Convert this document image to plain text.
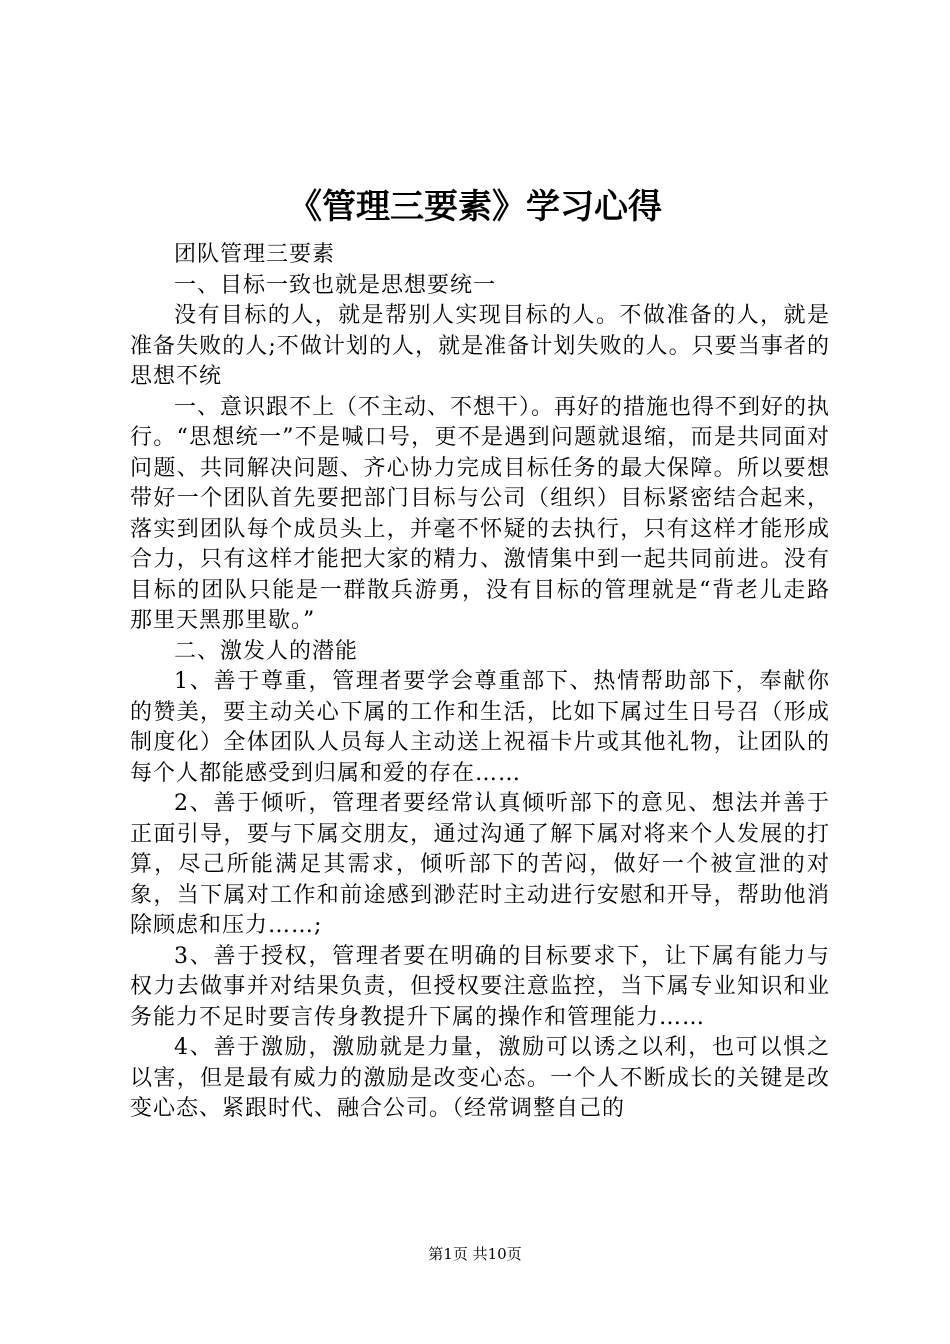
《管理三要素》学习心得

团队管理三要素

一、目标一致也就是思想要统一

没有目标的人，就是帮别人实现目标的人。不做准备的人，就是准备失败的人;不做计划的人，就是准备计划失败的人。只要当事者的思想不统

一、意识跟不上（不主动、不想干）。再好的措施也得不到好的执行。“思想统一”不是喊口号，更不是遇到问题就退缩，而是共同面对问题、共同解决问题、齐心协力完成目标任务的最大保障。所以要想带好一个团队首先要把部门目标与公司（组织）目标紧密结合起来，落实到团队每个成员头上，并毫不怀疑的去执行，只有这样才能形成合力，只有这样才能把大家的精力、激情集中到一起共同前进。没有目标的团队只能是一群散兵游勇，没有目标的管理就是“背老儿走路那里天黑那里歇。”

二、激发人的潜能

1、善于尊重，管理者要学会尊重部下、热情帮助部下，奉献你的赞美，要主动关心下属的工作和生活，比如下属过生日号召（形成制度化）全体团队人员每人主动送上祝福卡片或其他礼物，让团队的每个人都能感受到归属和爱的存在……

2、善于倾听，管理者要经常认真倾听部下的意见、想法并善于正面引导，要与下属交朋友，通过沟通了解下属对将来个人发展的打算，尽己所能满足其需求，倾听部下的苦闷，做好一个被宣泄的对象，当下属对工作和前途感到渺茫时主动进行安慰和开导，帮助他消除顾虑和压力……;

3、善于授权，管理者要在明确的目标要求下，让下属有能力与权力去做事并对结果负责，但授权要注意监控，当下属专业知识和业务能力不足时要言传身教提升下属的操作和管理能力……

4、善于激励，激励就是力量，激励可以诱之以利，也可以惧之以害，但是最有威力的激励是改变心态。一个人不断成长的关键是改变心态、紧跟时代、融合公司。（经常调整自己的

第1页 共10页
